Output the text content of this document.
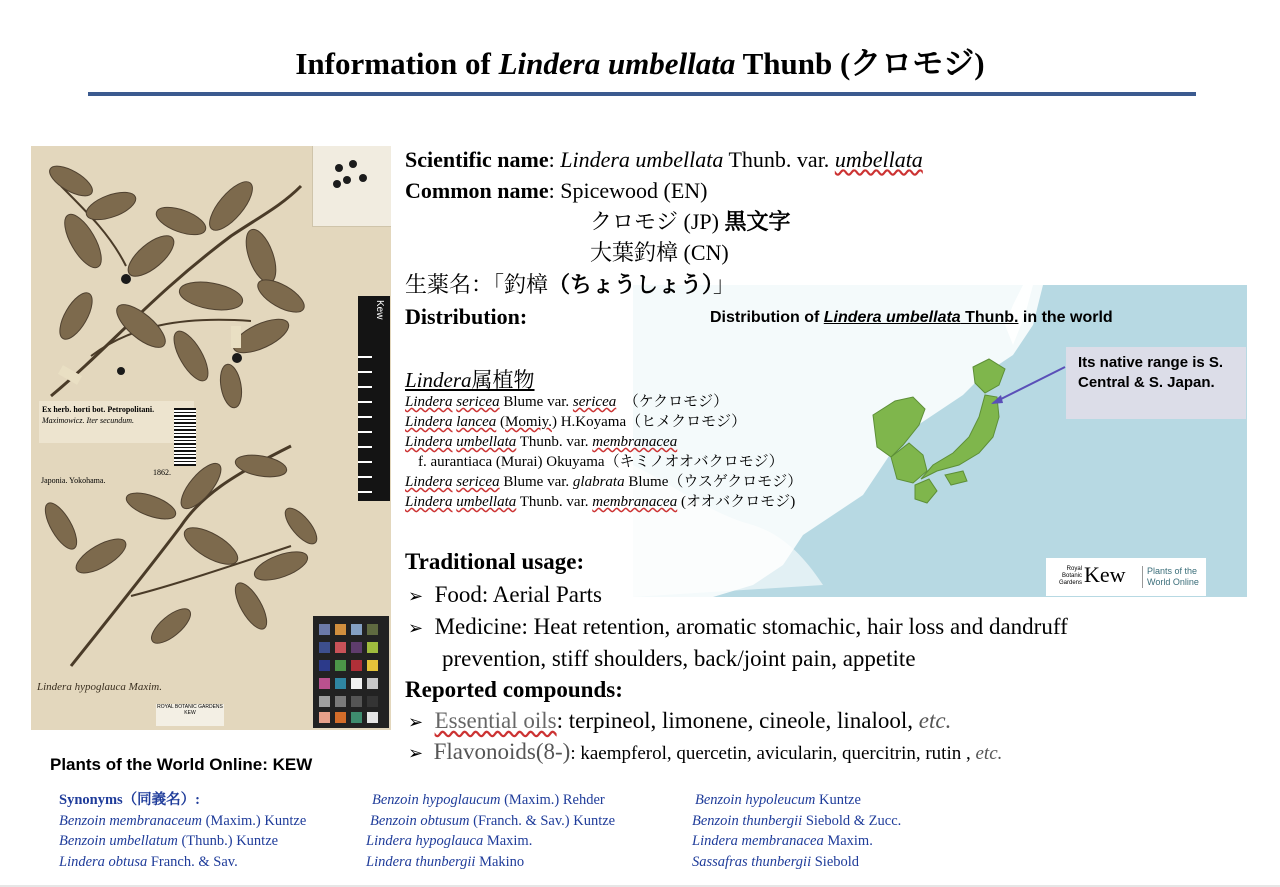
Information of Lindera umbellata Thunb (クロモジ)
Kew
Ex herb. horti bot. Petropolitani.
Maximowicz. Iter secundum.
Japonia. Yokohama.
1862.
Lindera hypoglauca Maxim.
ROYAL BOTANIC GARDENS KEW
Plants of the World Online: KEW
Distribution of Lindera umbellata Thunb. in the world
Its native range is S. Central & S. Japan.
Royal Botanic Gardens Kew	Plants of the World Online
Scientific name: Lindera umbellata Thunb. var. umbellata
Common name: Spicewood (EN)
クロモジ (JP) 黒文字
大葉釣樟 (CN)
生薬名：「釣樟（ちょうしょう）」
Distribution:
Lindera属植物
Lindera sericea Blume var. sericea　（ケクロモジ）
Lindera lancea (Momiy.) H.Koyama（ヒメクロモジ）
Lindera umbellata Thunb. var. membranacea
f. aurantiaca (Murai) Okuyama（キミノオオバクロモジ）
Lindera sericea Blume var. glabrata Blume（ウスゲクロモジ）
Lindera umbellata Thunb. var. membranacea (オオバクロモジ)
Traditional usage:
➢ Food: Aerial Parts
➢ Medicine: Heat retention, aromatic stomachic, hair loss and dandruff
prevention, stiff shoulders, back/joint pain, appetite
Reported compounds:
➢ Essential oils: terpineol, limonene, cineole, linalool, etc.
➢ Flavonoids(8-): kaempferol, quercetin, avicularin, quercitrin, rutin , etc.
Synonyms（同義名）:
Benzoin membranaceum (Maxim.) Kuntze
Benzoin umbellatum (Thunb.) Kuntze
Lindera obtusa Franch. & Sav.
Benzoin hypoglaucum (Maxim.) Rehder
Benzoin obtusum (Franch. & Sav.) Kuntze
Lindera hypoglauca Maxim.
Lindera thunbergii Makino
Benzoin hypoleucum Kuntze
Benzoin thunbergii Siebold & Zucc.
Lindera membranacea Maxim.
Sassafras thunbergii Siebold
